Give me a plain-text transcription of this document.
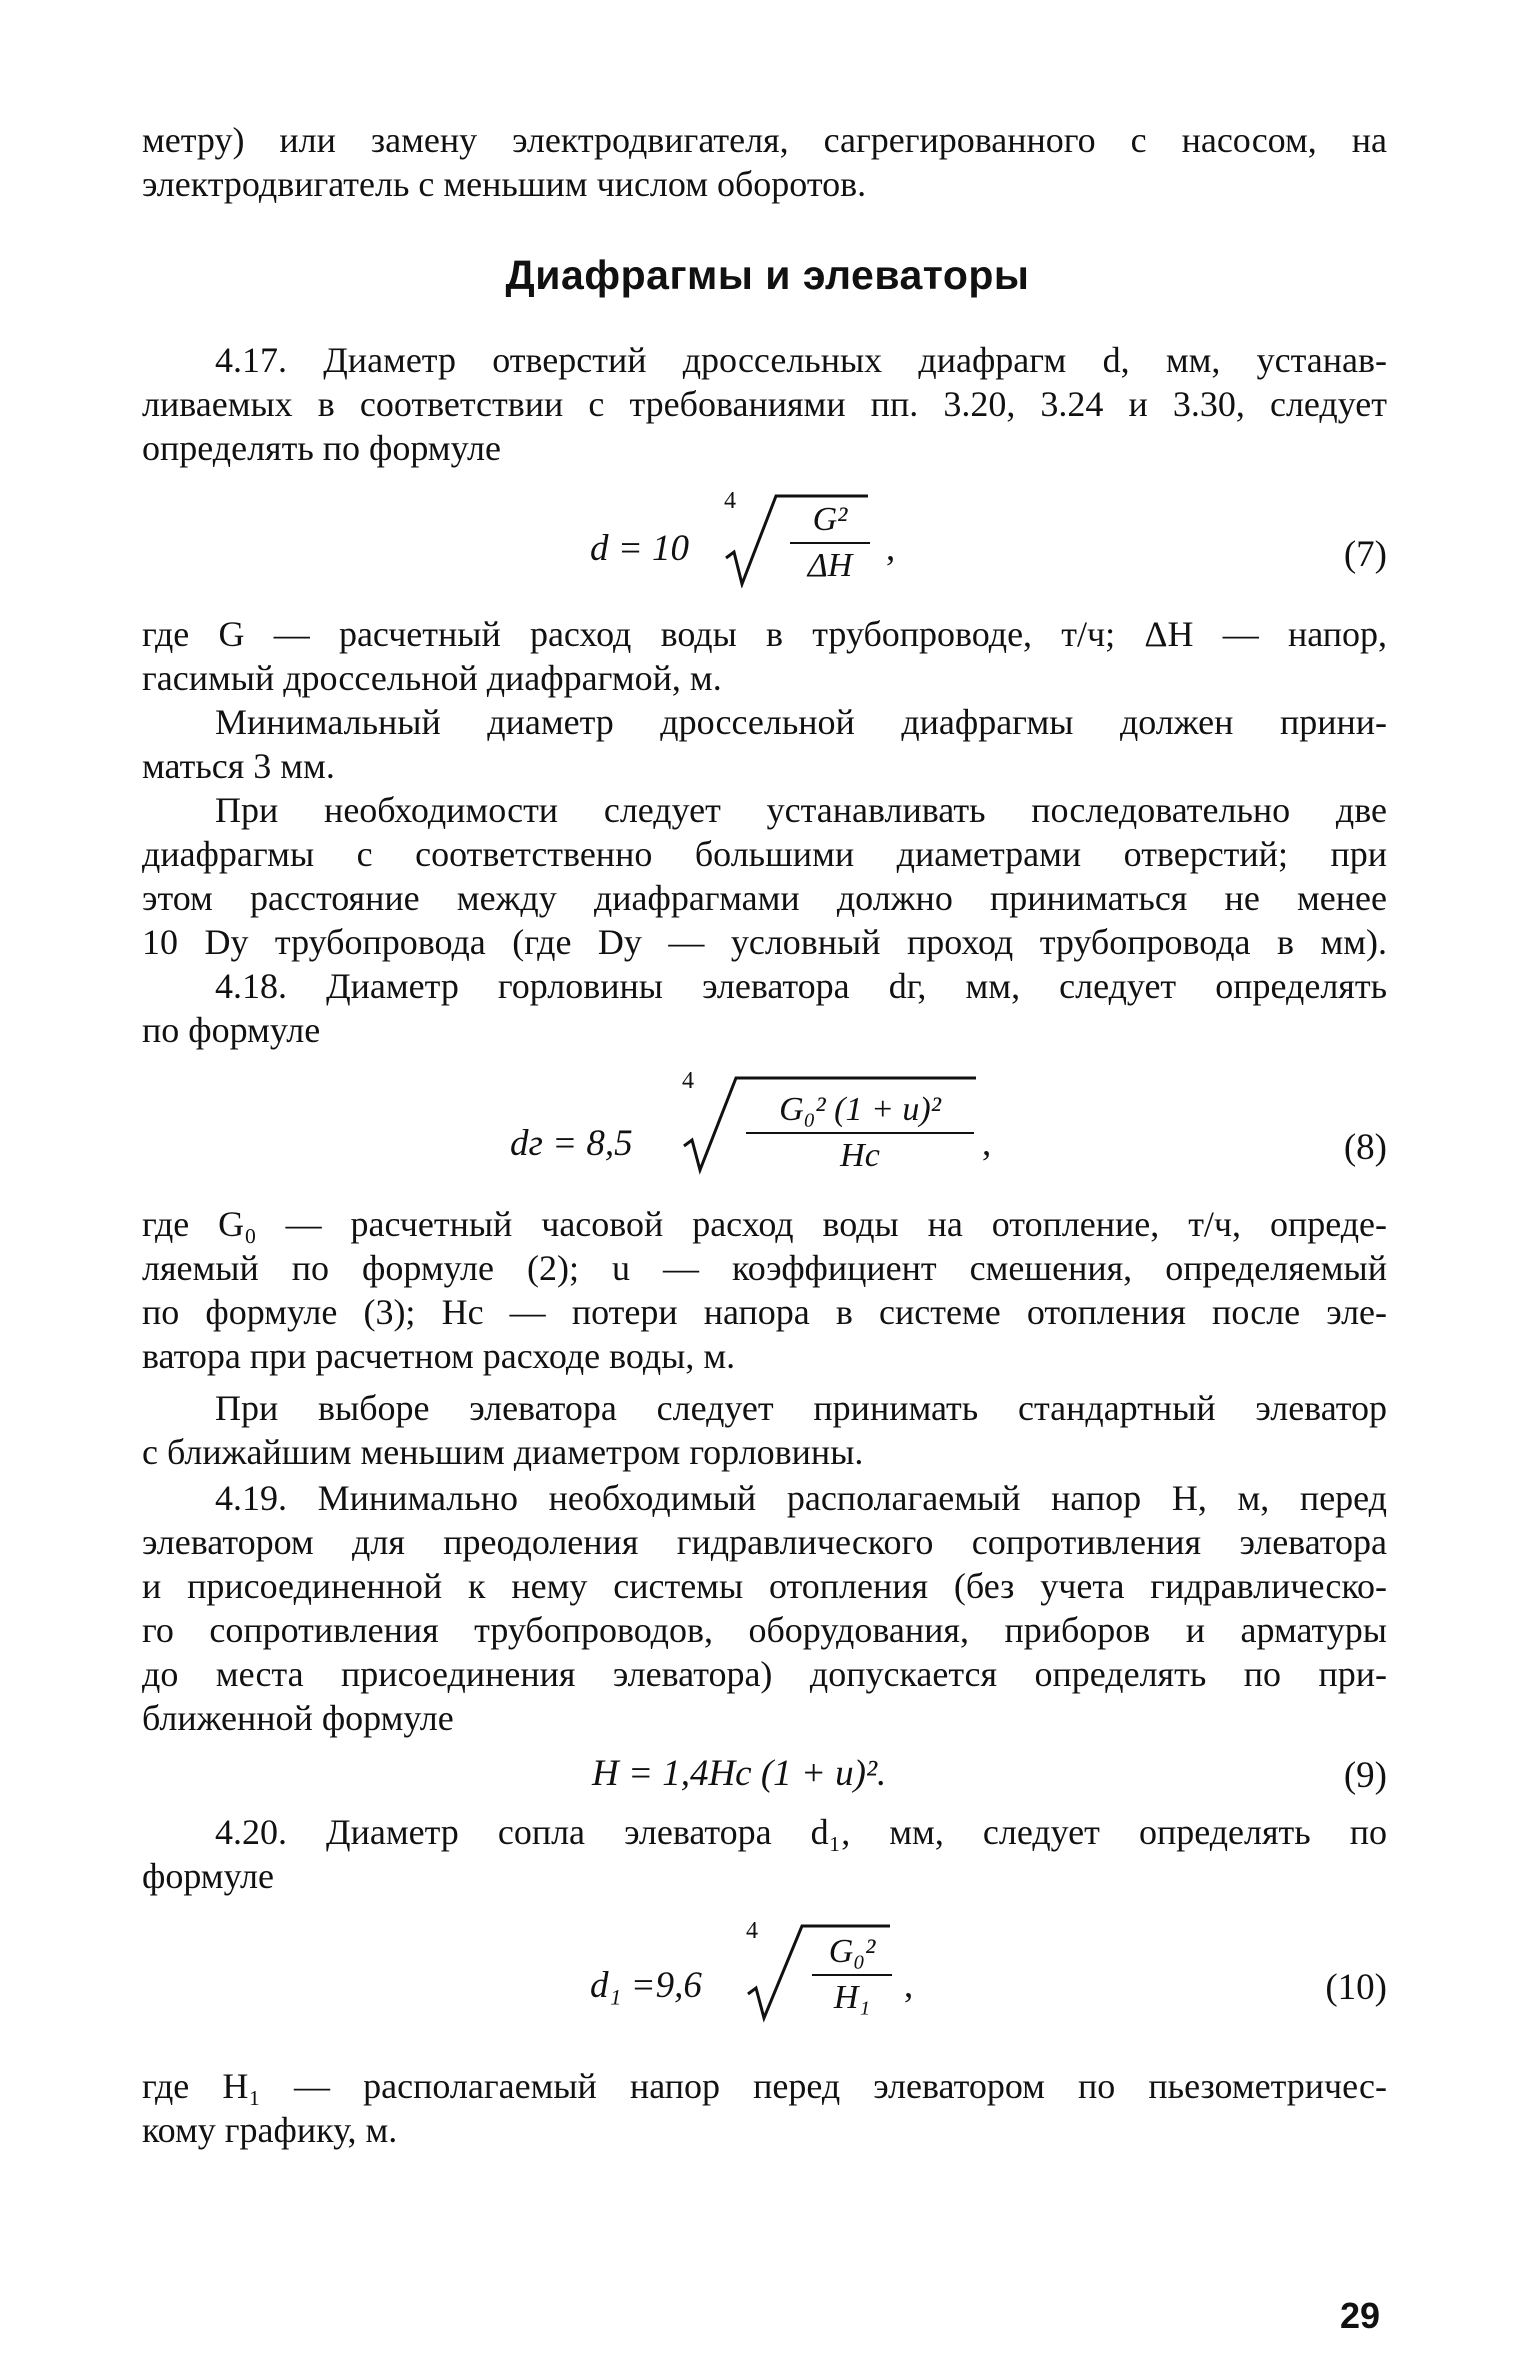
метру) или замену электродвигателя, сагрегированного с насосом, на
электродвигатель с меньшим числом оборотов.
Диафрагмы и элеваторы
4.17. Диаметр отверстий дроссельных диафрагм d, мм, устанав-
ливаемых в соответствии с требованиями пп. 3.20, 3.24 и 3.30, следует
определять по формуле
d = 10
4	G²
ΔH ,	(7)
где G — расчетный расход воды в трубопроводе, т/ч; ΔH — напор,
гасимый дроссельной диафрагмой, м.
Минимальный диаметр дроссельной диафрагмы должен прини-
маться 3 мм.
При необходимости следует устанавливать последовательно две
диафрагмы с соответственно большими диаметрами отверстий; при
этом расстояние между диафрагмами должно приниматься не менее
10 Dy трубопровода (где Dy — условный проход трубопровода в мм).
4.18. Диаметр горловины элеватора dг, мм, следует определять
по формуле
dг = 8,5
4
G₀² (1 + u)²
Hc	,	(8)
где G₀ — расчетный часовой расход воды на отопление, т/ч, опреде-
ляемый по формуле (2); u — коэффициент смешения, определяемый
по формуле (3); Hc — потери напора в системе отопления после эле-
ватора при расчетном расходе воды, м.
При выборе элеватора следует принимать стандартный элеватор
с ближайшим меньшим диаметром горловины.
4.19. Минимально необходимый располагаемый напор H, м, перед
элеватором для преодоления гидравлического сопротивления элеватора
и присоединенной к нему системы отопления (без учета гидравлическо-
го сопротивления трубопроводов, оборудования, приборов и арматуры
до места присоединения элеватора) допускается определять по при-
ближенной формуле
H = 1,4Hc (1 + u)².	(9)
4.20. Диаметр сопла элеватора d₁, мм, следует определять по
формуле
d₁ =9,6
4
G₀²
H₁ ,	(10)
где H₁ — располагаемый напор перед элеватором по пьезометричес-
кому графику, м.
29
